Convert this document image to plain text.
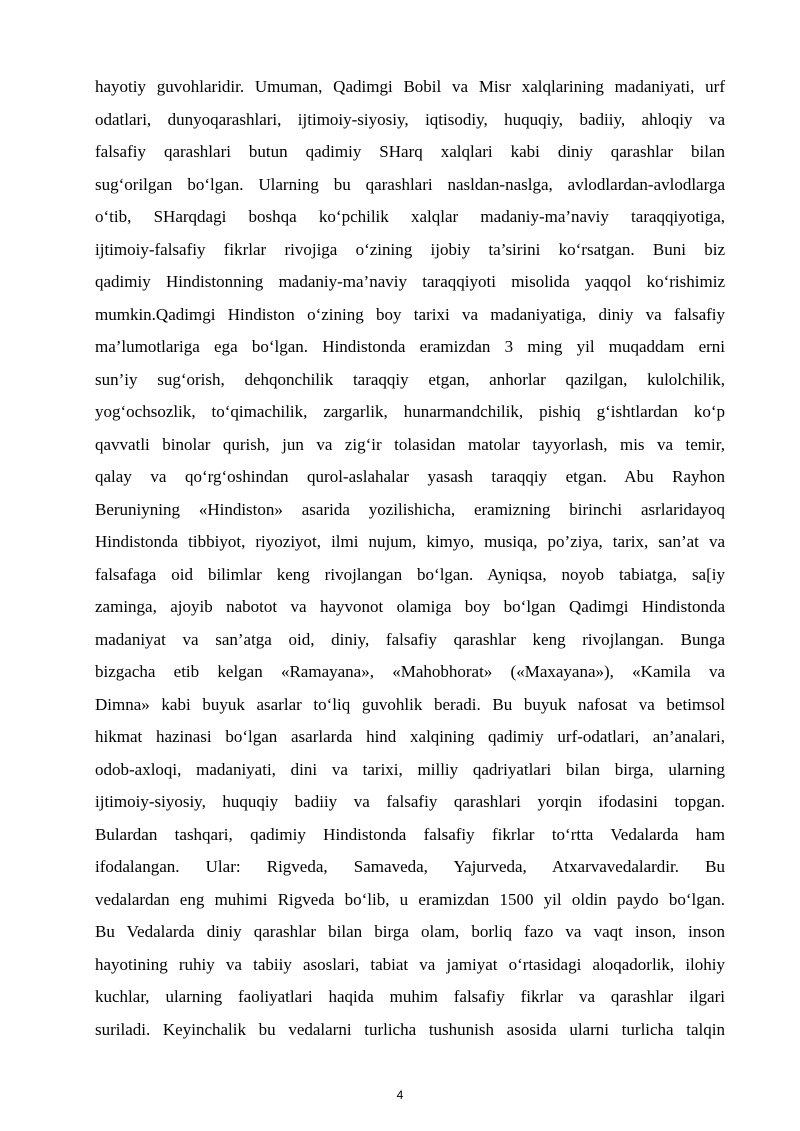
hayotiy guvohlaridir. Umuman, Qadimgi Bobil va Misr xalqlarining madaniyati, urf

odatlari, dunyoqarashlari, ijtimoiy-siyosiy, iqtisodiy, huquqiy, badiiy, ahloqiy va

falsafiy qarashlari butun qadimiy SHarq xalqlari kabi diniy qarashlar bilan

sug‘orilgan bo‘lgan. Ularning bu qarashlari nasldan-naslga, avlodlardan-avlodlarga

o‘tib, SHarqdagi boshqa ko‘pchilik xalqlar madaniy-ma’naviy taraqqiyotiga,

ijtimoiy-falsafiy fikrlar rivojiga o‘zining ijobiy ta’sirini ko‘rsatgan. Buni biz

qadimiy Hindistonning madaniy-ma’naviy taraqqiyoti misolida yaqqol ko‘rishimiz

mumkin.Qadimgi Hindiston o‘zining boy tarixi va madaniyatiga, diniy va falsafiy

ma’lumotlariga ega bo‘lgan. Hindistonda eramizdan 3 ming yil muqaddam erni

sun’iy sug‘orish, dehqonchilik taraqqiy etgan, anhorlar qazilgan, kulolchilik,

yog‘ochsozlik, to‘qimachilik, zargarlik, hunarmandchilik, pishiq g‘ishtlardan ko‘p

qavvatli binolar qurish, jun va zig‘ir tolasidan matolar tayyorlash, mis va temir,

qalay va qo‘rg‘oshindan qurol-aslahalar yasash taraqqiy etgan. Abu Rayhon

Beruniyning «Hindiston» asarida yozilishicha, eramizning birinchi asrlaridayoq

Hindistonda tibbiyot, riyoziyot, ilmi nujum, kimyo, musiqa, po’ziya, tarix, san’at va

falsafaga oid bilimlar keng rivojlangan bo‘lgan. Ayniqsa, noyob tabiatga, sa[iy

zaminga, ajoyib nabotot va hayvonot olamiga boy bo‘lgan Qadimgi Hindistonda

madaniyat va san’atga oid, diniy, falsafiy qarashlar keng rivojlangan. Bunga

bizgacha etib kelgan «Ramayana», «Mahobhorat» («Maxayana»), «Kamila va

Dimna» kabi buyuk asarlar to‘liq guvohlik beradi. Bu buyuk nafosat va betimsol

hikmat hazinasi bo‘lgan asarlarda hind xalqining qadimiy urf-odatlari, an’analari,

odob-axloqi, madaniyati, dini va tarixi, milliy qadriyatlari bilan birga, ularning

ijtimoiy-siyosiy, huquqiy badiiy va falsafiy qarashlari yorqin ifodasini topgan.

Bulardan tashqari, qadimiy Hindistonda falsafiy fikrlar to‘rtta Vedalarda ham

ifodalangan. Ular: Rigveda, Samaveda, Yajurveda, Atxarvavedalardir. Bu

vedalardan eng muhimi Rigveda bo‘lib, u eramizdan 1500 yil oldin paydo bo‘lgan.

Bu Vedalarda diniy qarashlar bilan birga olam, borliq fazo va vaqt inson, inson

hayotining ruhiy va tabiiy asoslari, tabiat va jamiyat o‘rtasidagi aloqadorlik, ilohiy

kuchlar, ularning faoliyatlari haqida muhim falsafiy fikrlar va qarashlar ilgari

suriladi. Keyinchalik bu vedalarni turlicha tushunish asosida ularni turlicha talqin

4
